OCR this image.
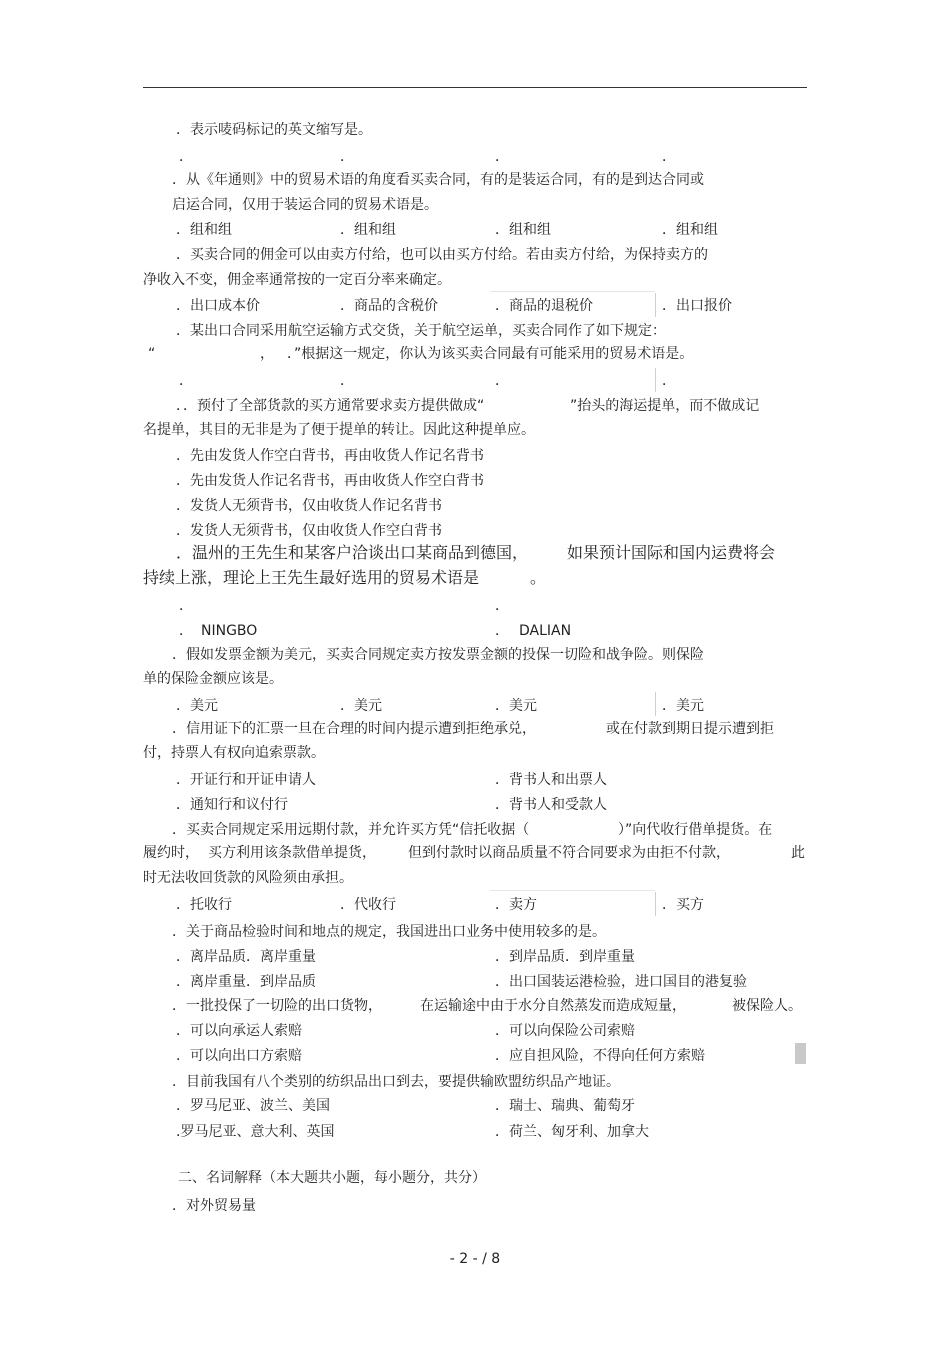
．表示唛码标记的英文缩写是。
．	．	．	．
．从《年通则》中的贸易术语的角度看买卖合同，有的是装运合同，有的是到达合同或
启运合同，仅用于装运合同的贸易术语是。
．组和组	．组和组	．组和组	．组和组
．买卖合同的佣金可以由卖方付给，也可以由买方付给。若由卖方付给，为保持卖方的
净收入不变，佣金率通常按的一定百分率来确定。
．出口成本价	．商品的含税价	．商品的退税价	．出口报价
．某出口合同采用航空运输方式交货，关于航空运单，买卖合同作了如下规定：
“	， ．”根据这一规定，你认为该买卖合同最有可能采用的贸易术语是。
．	．	．	．
．．预付了全部货款的买方通常要求卖方提供做成“	”抬头的海运提单，而不做成记
名提单，其目的无非是为了便于提单的转让。因此这种提单应。
．先由发货人作空白背书，再由收货人作记名背书
．先由发货人作记名背书，再由收货人作空白背书
．发货人无须背书，仅由收货人作记名背书
．发货人无须背书，仅由收货人作空白背书
．温州的王先生和某客户洽谈出口某商品到德国， 如果预计国际和国内运费将会
持续上涨，理论上王先生最好选用的贸易术语是	。
．	．
． NINGBO	． DALIAN
．假如发票金额为美元，买卖合同规定卖方按发票金额的投保一切险和战争险。则保险
单的保险金额应该是。
．美元	．美元	．美元	．美元
．信用证下的汇票一旦在合理的时间内提示遭到拒绝承兑，	或在付款到期日提示遭到拒
付，持票人有权向追索票款。
．开证行和开证申请人	．背书人和出票人
．通知行和议付行	．背书人和受款人
．买卖合同规定采用远期付款，并允许买方凭“信托收据（	）”向代收行借单提货。在
履约时， 买方利用该条款借单提货， 但到付款时以商品质量不符合同要求为由拒不付款，	此
时无法收回货款的风险须由承担。
．托收行	．代收行	．卖方	．买方
．关于商品检验时间和地点的规定，我国进出口业务中使用较多的是。
．离岸品质．离岸重量	．到岸品质．到岸重量
．离岸重量．到岸品质	．出口国装运港检验，进口国目的港复验
．一批投保了一切险的出口货物，	在运输途中由于水分自然蒸发而造成短量，	被保险人。
．可以向承运人索赔	．可以向保险公司索赔
．可以向出口方索赔	．应自担风险，不得向任何方索赔
．目前我国有八个类别的纺织品出口到去，要提供输欧盟纺织品产地证。
．罗马尼亚、波兰、美国	．瑞士、瑞典、葡萄牙
.罗马尼亚、意大利、英国	．荷兰、匈牙利、加拿大
二、名词解释（本大题共小题，每小题分，共分）
．对外贸易量
- 2 - / 8
